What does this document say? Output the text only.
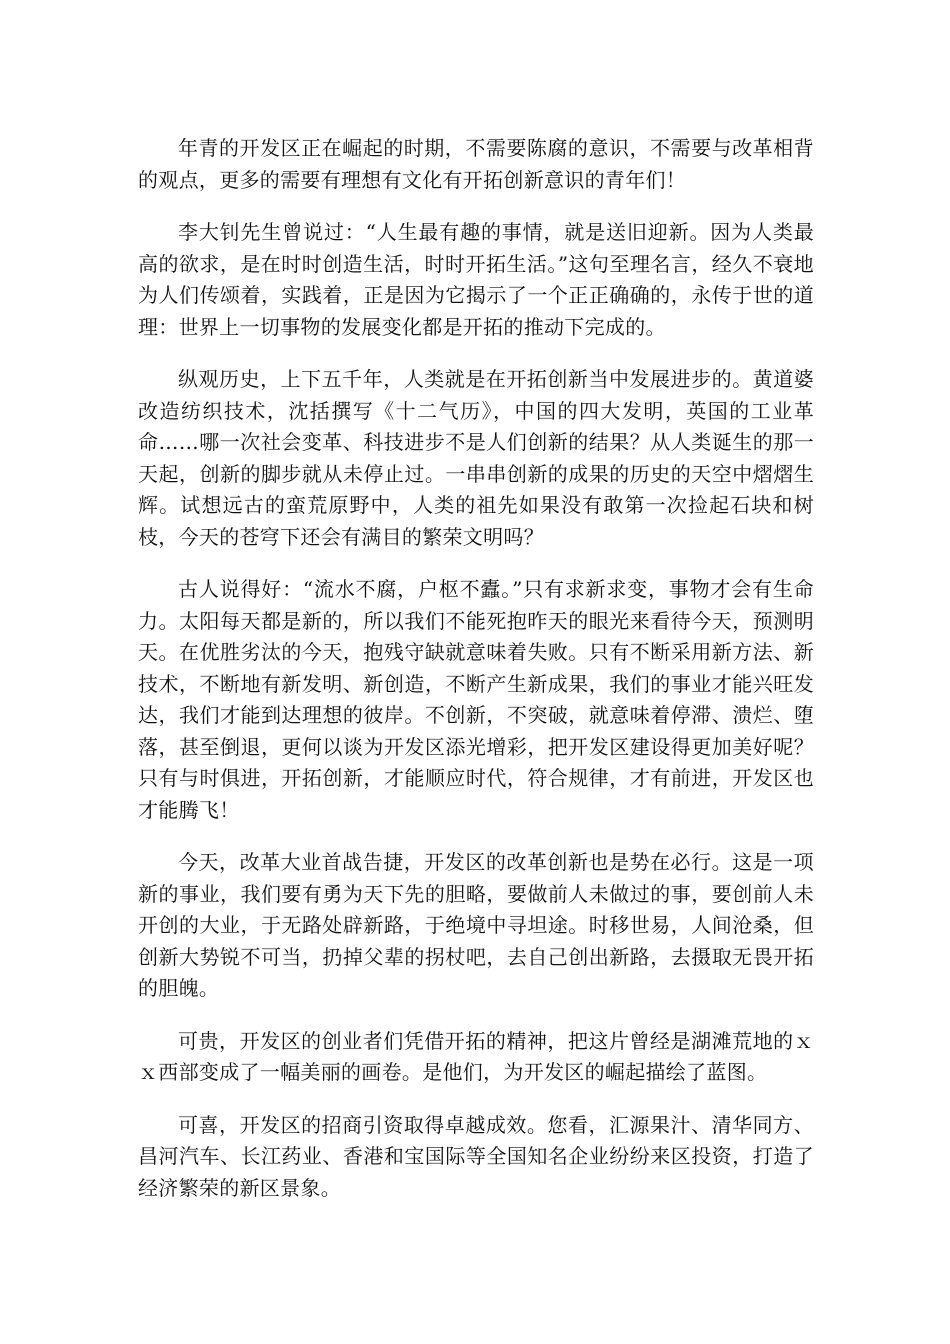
年青的开发区正在崛起的时期，不需要陈腐的意识，不需要与改革相背的观点，更多的需要有理想有文化有开拓创新意识的青年们！

李大钊先生曾说过：“人生最有趣的事情，就是送旧迎新。因为人类最高的欲求，是在时时创造生活，时时开拓生活。”这句至理名言，经久不衰地为人们传颂着，实践着，正是因为它揭示了一个正正确确的，永传于世的道理：世界上一切事物的发展变化都是开拓的推动下完成的。

纵观历史，上下五千年，人类就是在开拓创新当中发展进步的。黄道婆改造纺织技术，沈括撰写《十二气历》，中国的四大发明，英国的工业革命……哪一次社会变革、科技进步不是人们创新的结果？从人类诞生的那一天起，创新的脚步就从未停止过。一串串创新的成果的历史的天空中熠熠生辉。试想远古的蛮荒原野中，人类的祖先如果没有敢第一次捡起石块和树枝，今天的苍穹下还会有满目的繁荣文明吗？

古人说得好：“流水不腐，户枢不蠹。”只有求新求变，事物才会有生命力。太阳每天都是新的，所以我们不能死抱昨天的眼光来看待今天，预测明天。在优胜劣汰的今天，抱残守缺就意味着失败。只有不断采用新方法、新技术，不断地有新发明、新创造，不断产生新成果，我们的事业才能兴旺发达，我们才能到达理想的彼岸。不创新，不突破，就意味着停滞、溃烂、堕落，甚至倒退，更何以谈为开发区添光增彩，把开发区建设得更加美好呢？只有与时俱进，开拓创新，才能顺应时代，符合规律，才有前进，开发区也才能腾飞！

今天，改革大业首战告捷，开发区的改革创新也是势在必行。这是一项新的事业，我们要有勇为天下先的胆略，要做前人未做过的事，要创前人未开创的大业，于无路处辟新路，于绝境中寻坦途。时移世易，人间沧桑，但创新大势锐不可当，扔掉父辈的拐杖吧，去自己创出新路，去摄取无畏开拓的胆魄。

可贵，开发区的创业者们凭借开拓的精神，把这片曾经是湖滩荒地的ｘｘ西部变成了一幅美丽的画卷。是他们，为开发区的崛起描绘了蓝图。

可喜，开发区的招商引资取得卓越成效。您看，汇源果汁、清华同方、昌河汽车、长江药业、香港和宝国际等全国知名企业纷纷来区投资，打造了经济繁荣的新区景象。
